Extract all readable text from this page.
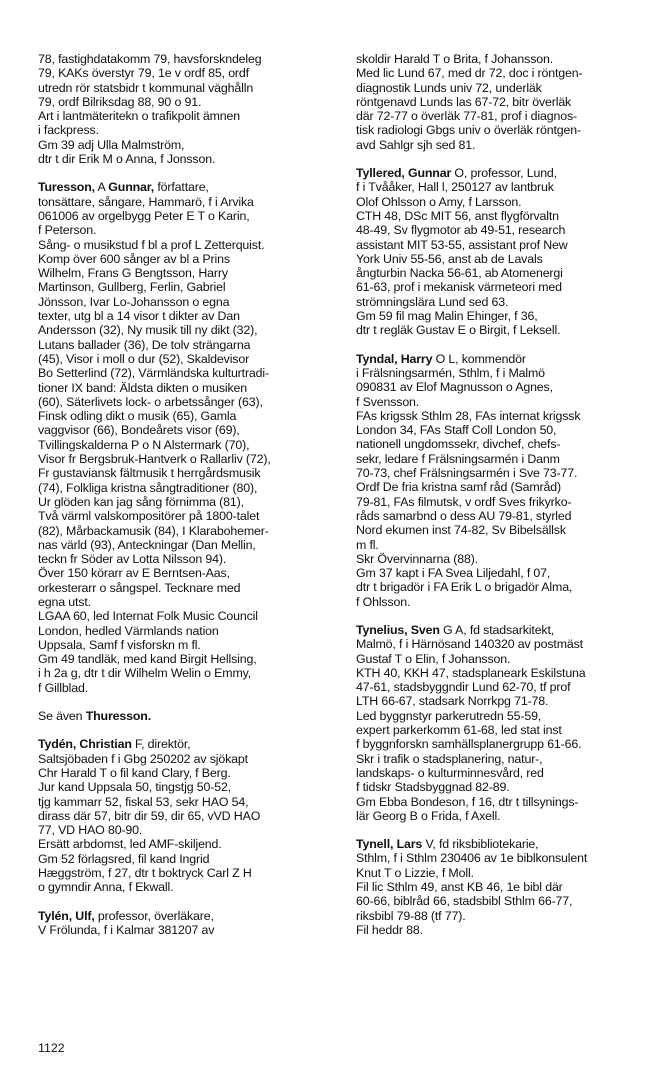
78, fastighdatakomm 79, havsforskndeleg
79, KAKs överstyr 79, 1e v ordf 85, ordf
utredn rör statsbidr t kommunal väghålln
79, ordf Bilriksdag 88, 90 o 91.
Art i lantmäteritekn o trafikpolit ämnen
i fackpress.
Gm 39 adj Ulla Malmström,
dtr t dir Erik M o Anna, f Jonsson.
Turesson, A Gunnar, författare,
tonsättare, sångare, Hammarö, f i Arvika
061006 av orgelbygg Peter E T o Karin,
f Peterson.
Sång- o musikstud f bl a prof L Zetterquist.
Komp över 600 sånger av bl a Prins
Wilhelm, Frans G Bengtsson, Harry
Martinson, Gullberg, Ferlin, Gabriel
Jönsson, Ivar Lo-Johansson o egna
texter, utg bl a 14 visor t dikter av Dan
Andersson (32), Ny musik till ny dikt (32),
Lutans ballader (36), De tolv strängarna
(45), Visor i moll o dur (52), Skaldevisor
Bo Setterlind (72), Värmländska kulturtradi-
tioner IX band: Äldsta dikten o musiken
(60), Säterlivets lock- o arbetssånger (63),
Finsk odling dikt o musik (65), Gamla
vaggvisor (66), Bondeårets visor (69),
Tvillingskalderna P o N Alstermark (70),
Visor fr Bergsbruk-Hantverk o Rallarliv (72),
Fr gustaviansk fältmusik t herrgårdsmusik
(74), Folkliga kristna sångtraditioner (80),
Ur glöden kan jag sång förnimma (81),
Två värml valskompositörer på 1800-talet
(82), Mårbackamusik (84), I Klarabohemer-
nas värld (93), Anteckningar (Dan Mellin,
teckn fr Söder av Lotta Nilsson 94).
Över 150 körarr av E Berntsen-Aas,
orkesterarr o sångspel. Tecknare med
egna utst.
LGAA 60, led Internat Folk Music Council
London, hedled Värmlands nation
Uppsala, Samf f visforskn m fl.
Gm 49 tandläk, med kand Birgit Hellsing,
i h 2a g, dtr t dir Wilhelm Welin o Emmy,
f Gillblad.
Se även Thuresson.
Tydén, Christian F, direktör,
Saltsjöbaden f i Gbg 250202 av sjökapt
Chr Harald T o fil kand Clary, f Berg.
Jur kand Uppsala 50, tingstjg 50-52,
tjg kammarr 52, fiskal 53, sekr HAO 54,
dirass där 57, bitr dir 59, dir 65, vVD HAO
77, VD HAO 80-90.
Ersätt arbdomst, led AMF-skiljend.
Gm 52 förlagsred, fil kand Ingrid
Hæggström, f 27, dtr t boktryck Carl Z H
o gymndir Anna, f Ekwall.
Tylén, Ulf, professor, överläkare,
V Frölunda, f i Kalmar 381207 av
skoldir Harald T o Brita, f Johansson.
Med lic Lund 67, med dr 72, doc i röntgen-
diagnostik Lunds univ 72, underläk
röntgenavd Lunds las 67-72, bitr överläk
där 72-77 o överläk 77-81, prof i diagnos-
tisk radiologi Gbgs univ o överläk röntgen-
avd Sahlgr sjh sed 81.
Tyllered, Gunnar O, professor, Lund,
f i Tvååker, Hall l, 250127 av lantbruk
Olof Ohlsson o Amy, f Larsson.
CTH 48, DSc MIT 56, anst flygförvaltn
48-49, Sv flygmotor ab 49-51, research
assistant MIT 53-55, assistant prof New
York Univ 55-56, anst ab de Lavals
ångturbin Nacka 56-61, ab Atomenergi
61-63, prof i mekanisk värmeteori med
strömningslära Lund sed 63.
Gm 59 fil mag Malin Ehinger, f 36,
dtr t regläk Gustav E o Birgit, f Leksell.
Tyndal, Harry O L, kommendör
i Frälsningsarmén, Sthlm, f i Malmö
090831 av Elof Magnusson o Agnes,
f Svensson.
FAs krigssk Sthlm 28, FAs internat krigssk
London 34, FAs Staff Coll London 50,
nationell ungdomssekr, divchef, chefs-
sekr, ledare f Frälsningsarmén i Danm
70-73, chef Frälsningsarmén i Sve 73-77.
Ordf De fria kristna samf råd (Samråd)
79-81, FAs filmutsk, v ordf Sves frikyrko-
råds samarbnd o dess AU 79-81, styrled
Nord ekumen inst 74-82, Sv Bibelsällsk
m fl.
Skr Övervinnarna (88).
Gm 37 kapt i FA Svea Liljedahl, f 07,
dtr t brigadör i FA Erik L o brigadör Alma,
f Ohlsson.
Tynelius, Sven G A, fd stadsarkitekt,
Malmö, f i Härnösand 140320 av postmäst
Gustaf T o Elin, f Johansson.
KTH 40, KKH 47, stadsplaneark Eskilstuna
47-61, stadsbyggndir Lund 62-70, tf prof
LTH 66-67, stadsark Norrkpg 71-78.
Led byggnstyr parkerutredn 55-59,
expert parkerkomm 61-68, led stat inst
f byggnforskn samhällsplanergrupp 61-66.
Skr i trafik o stadsplanering, natur-,
landskaps- o kulturminnesvård, red
f tidskr Stadsbyggnad 82-89.
Gm Ebba Bondeson, f 16, dtr t tillsynings-
lär Georg B o Frida, f Axell.
Tynell, Lars V, fd riksbibliotekarie,
Sthlm, f i Sthlm 230406 av 1e biblkonsulent
Knut T o Lizzie, f Moll.
Fil lic Sthlm 49, anst KB 46, 1e bibl där
60-66, biblråd 66, stadsbibl Sthlm 66-77,
riksbibl 79-88 (tf 77).
Fil heddr 88.
1122
